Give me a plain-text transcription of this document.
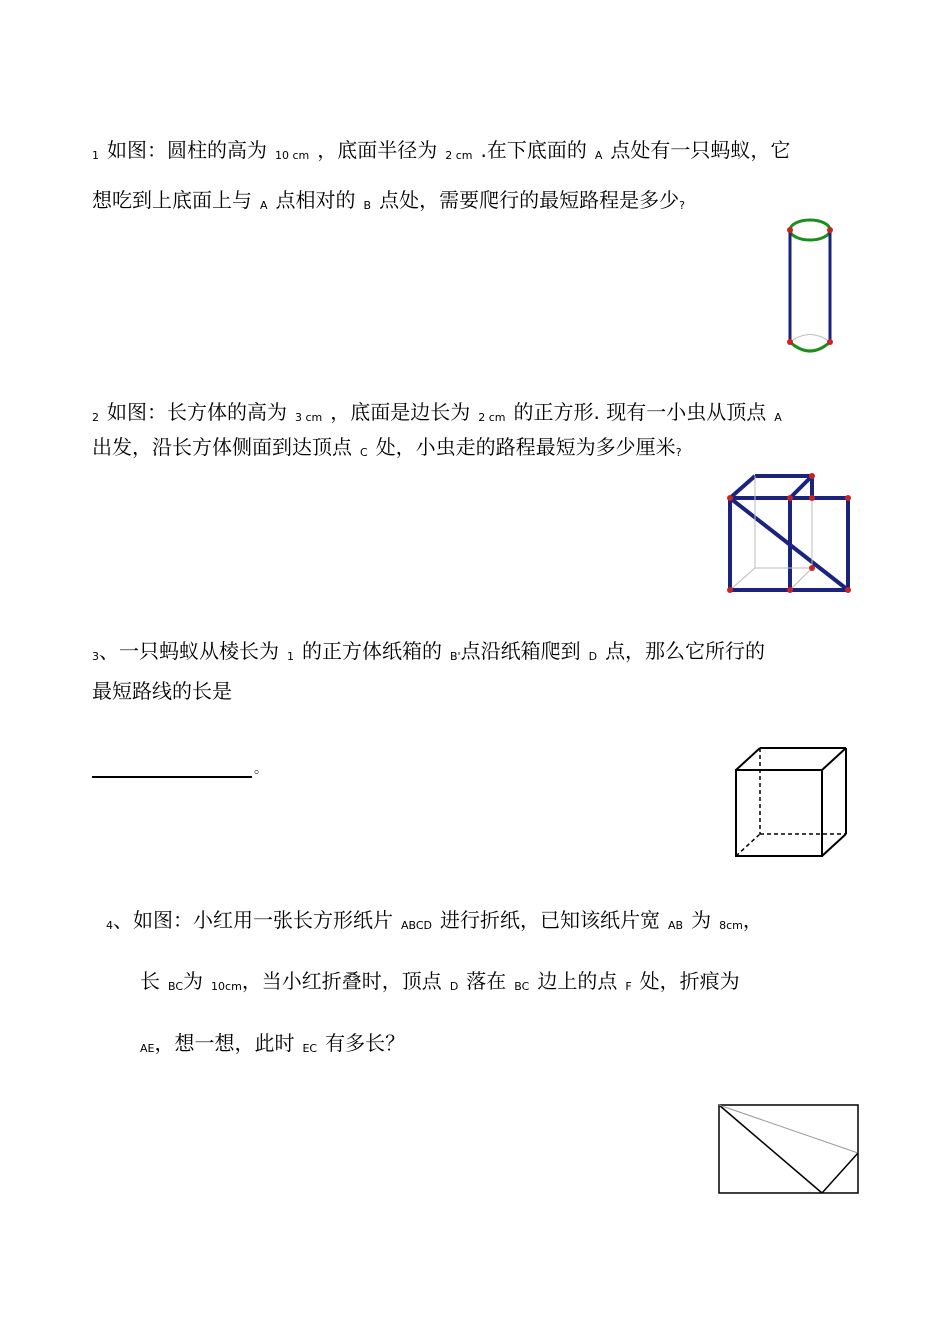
1 如图：圆柱的高为 10 cm ，底面半径为 2 cm .在下底面的 A 点处有一只蚂蚁，它
想吃到上底面上与 A 点相对的 B 点处，需要爬行的最短路程是多少?
2 如图：长方体的高为 3 cm ，底面是边长为 2 cm 的正方形. 现有一小虫从顶点 A
出发，沿长方体侧面到达顶点 C 处，小虫走的路程最短为多少厘米?
3、一只蚂蚁从棱长为 1 的正方体纸箱的 B'点沿纸箱爬到 D 点，那么它所行的
最短路线的长是
。
4、如图：小红用一张长方形纸片 ABCD 进行折纸，已知该纸片宽 AB 为 8cm，
长BC为 10cm，当小红折叠时，顶点 D 落在 BC 边上的点 F 处，折痕为
AE，想一想，此时 EC 有多长？
